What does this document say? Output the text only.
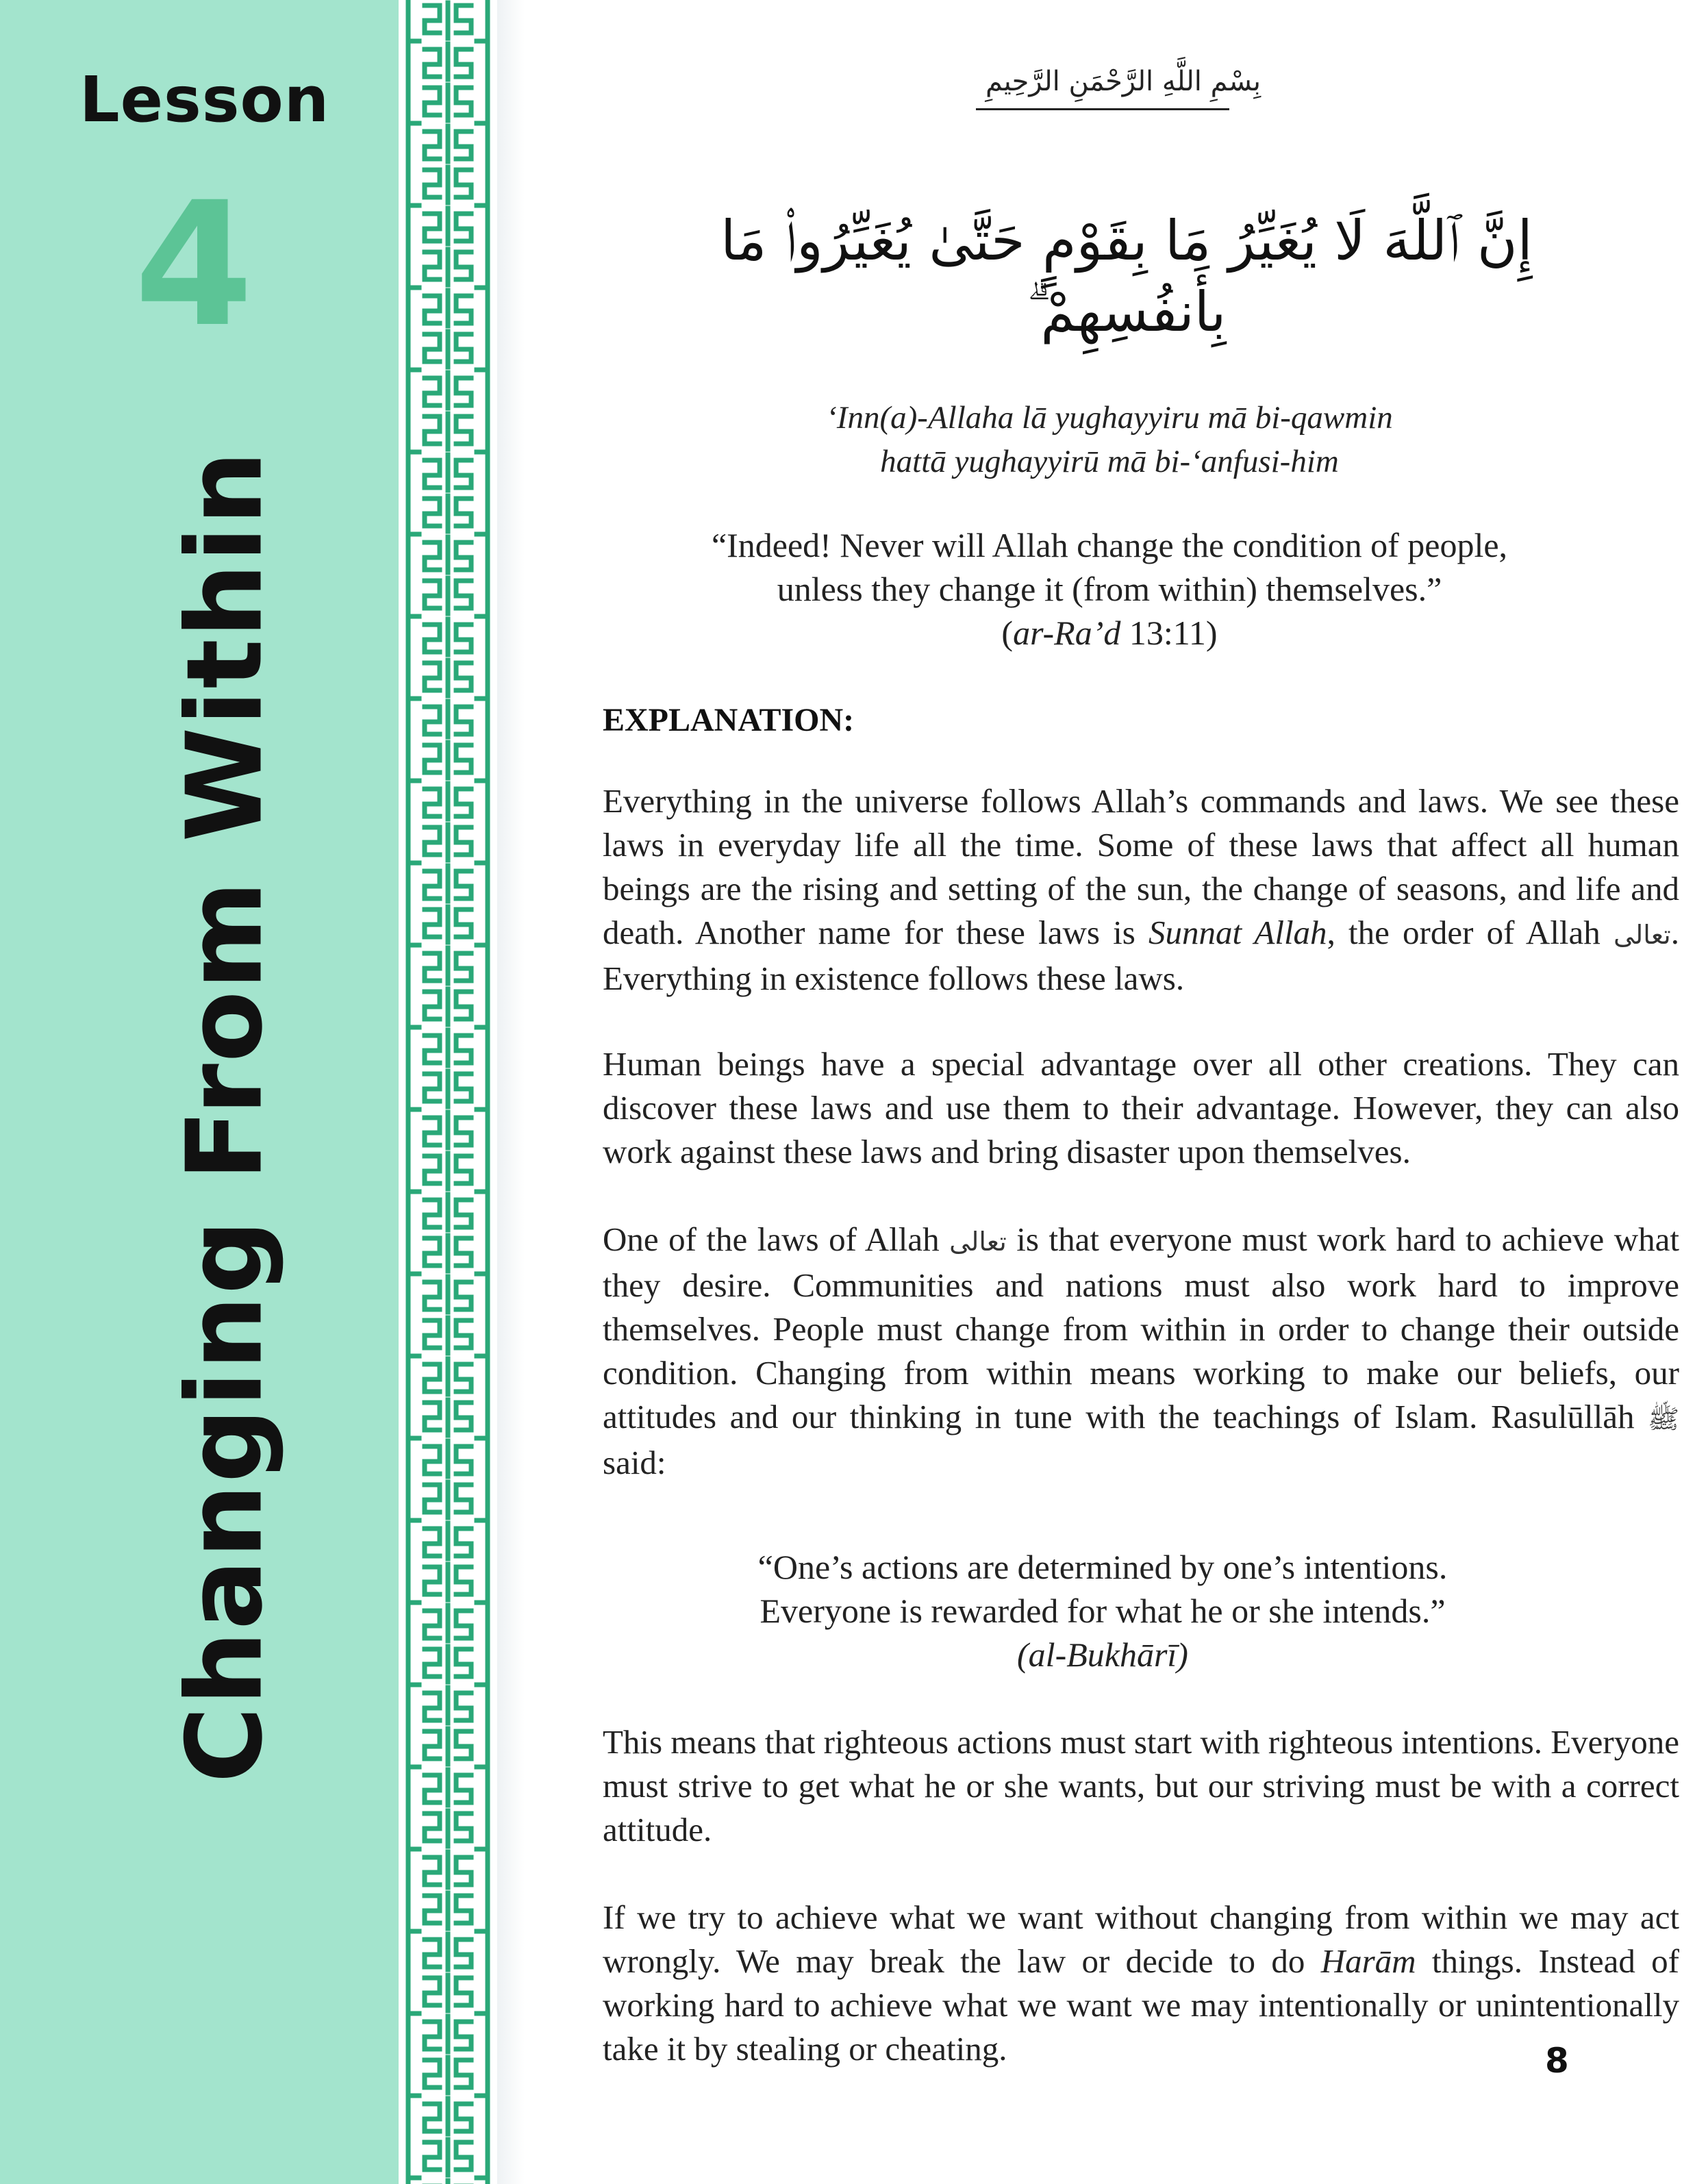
Lesson
4
Changing From Within
بِسْمِ اللَّهِ الرَّحْمَنِ الرَّحِيمِ
إِنَّ ٱللَّهَ لَا يُغَيِّرُ مَا بِقَوْمٍ حَتَّىٰ يُغَيِّرُوا۟ مَا بِأَنفُسِهِمْ ۗ
‘Inn(a)-Allaha lā yughayyiru mā bi-qawmin
hattā yughayyirū mā bi-‘anfusi-him
“Indeed! Never will Allah change the condition of people,
unless they change it (from within) themselves.”
(ar-Ra’d 13:11)
EXPLANATION:

Everything in the universe follows Allah’s commands and laws. We see these laws in everyday life all the time. Some of these laws that affect all human beings are the rising and setting of the sun, the change of seasons, and life and death. Another name for these laws is Sunnat Allah, the order of Allah تعالى. Everything in existence follows these laws.

Human beings have a special advantage over all other creations. They can discover these laws and use them to their advantage. However, they can also work against these laws and bring disaster upon themselves.

One of the laws of Allah تعالى is that everyone must work hard to achieve what they desire. Communities and nations must also work hard to improve themselves. People must change from within in order to change their outside condition. Changing from within means working to make our beliefs, our attitudes and our thinking in tune with the teachings of Islam. Rasulūllāh ﷺ said:

“One’s actions are determined by one’s intentions.
Everyone is rewarded for what he or she intends.”
(al-Bukhārī)

This means that righteous actions must start with righteous intentions. Everyone must strive to get what he or she wants, but our striving must be with a correct attitude.

If we try to achieve what we want without changing from within we may act wrongly. We may break the law or decide to do Harām things. Instead of working hard to achieve what we want we may intentionally or unintentionally take it by stealing or cheating.	8
